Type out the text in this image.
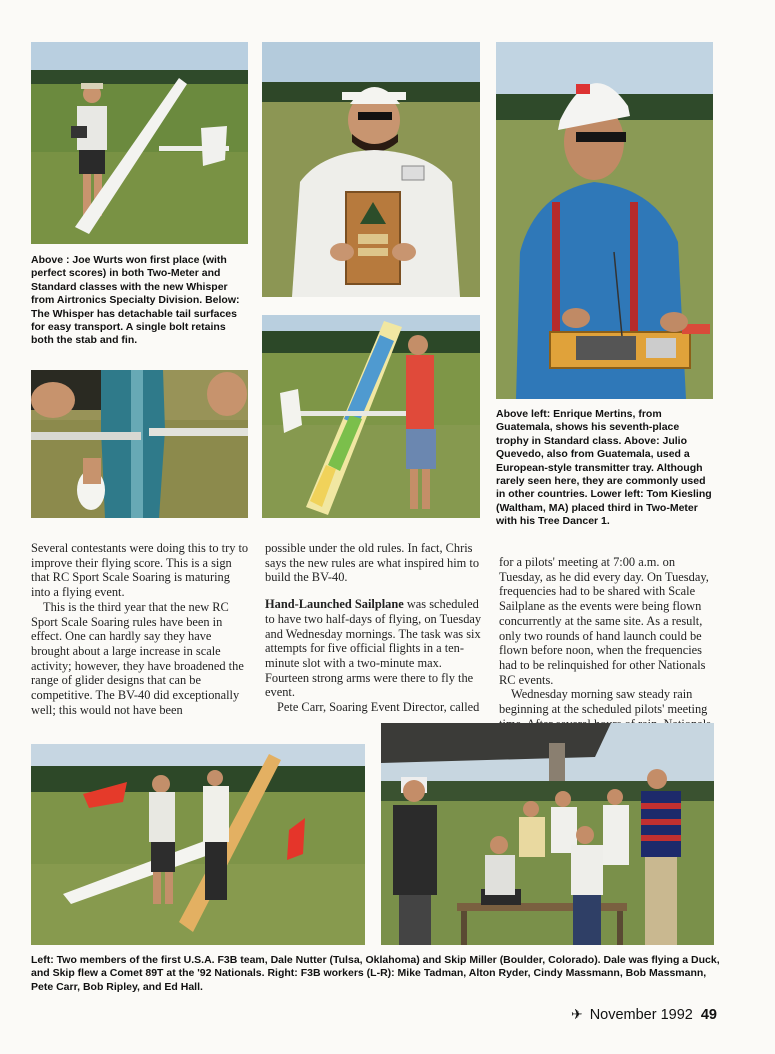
Above : Joe Wurts won first place (with perfect scores) in both Two-Meter and Standard classes with the new Whisper from Airtronics Specialty Division. Below: The Whisper has detachable tail surfaces for easy transport. A single bolt retains both the stab and fin.

Above left: Enrique Mertins, from Guatemala, shows his seventh-place trophy in Standard class. Above: Julio Quevedo, also from Guatemala, used a European-style transmitter tray. Although rarely seen here, they are commonly used in other countries. Lower left: Tom Kiesling (Waltham, MA) placed third in Two-Meter with his Tree Dancer 1.

Several contestants were doing this to try to improve their flying score. This is a sign that RC Sport Scale Soaring is maturing into a flying event.

This is the third year that the new RC Sport Scale Soaring rules have been in effect. One can hardly say they have brought about a large increase in scale activity; however, they have broadened the range of glider designs that can be competitive. The BV-40 did exceptionally well; this would not have been

possible under the old rules. In fact, Chris says the new rules are what inspired him to build the BV-40.

Hand-Launched Sailplane was scheduled to have two half-days of flying, on Tuesday and Wednesday mornings. The task was six attempts for five official flights in a ten-minute slot with a two-minute max. Fourteen strong arms were there to fly the event.

Pete Carr, Soaring Event Director, called

for a pilots' meeting at 7:00 a.m. on Tuesday, as he did every day. On Tuesday, frequencies had to be shared with Scale Sailplane as the events were being flown concurrently at the same site. As a result, only two rounds of hand launch could be flown before noon, when the frequencies had to be relinquished for other Nationals RC events.

Wednesday morning saw steady rain beginning at the scheduled pilots' meeting

Left: Two members of the first U.S.A. F3B team, Dale Nutter (Tulsa, Oklahoma) and Skip Miller (Boulder, Colorado). Dale was flying a Duck, and Skip flew a Comet 89T at the '92 Nationals. Right: F3B workers (L-R): Mike Tadman, Alton Ryder, Cindy Massmann, Bob Massmann, Pete Carr, Bob Ripley, and Ed Hall.

✈ November 1992 49
